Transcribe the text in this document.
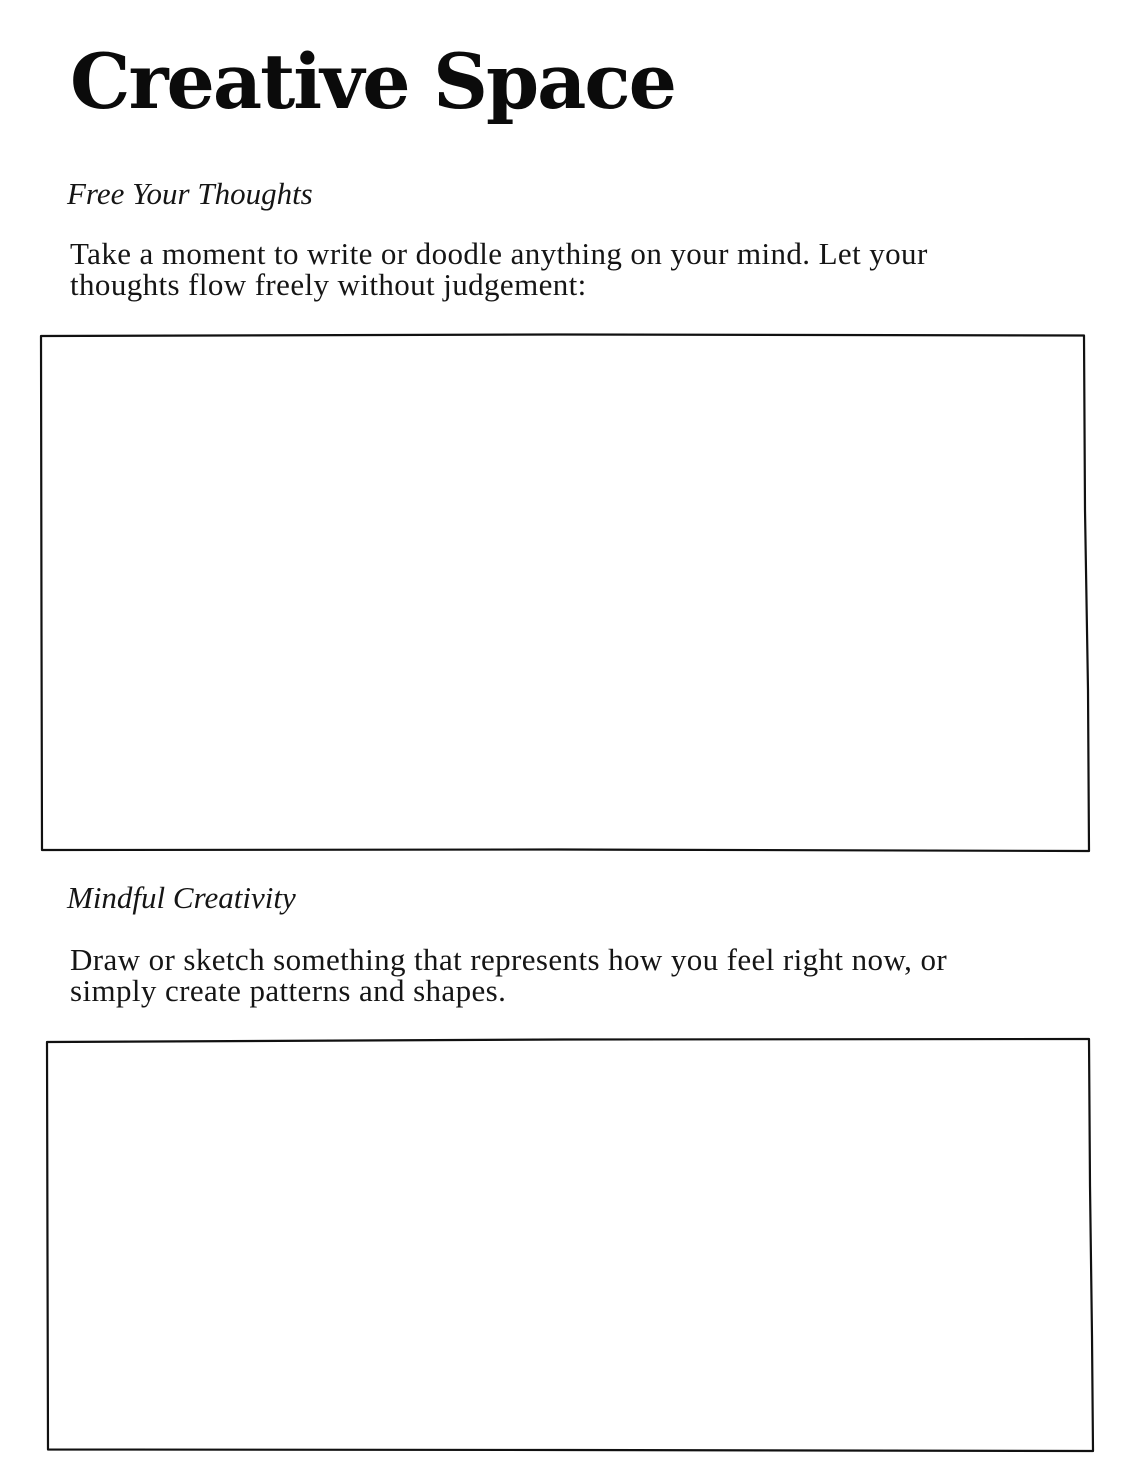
Creative Space
Free Your Thoughts

Take a moment to write or doodle anything on your mind. Let your thoughts flow freely without judgement:

Mindful Creativity

Draw or sketch something that represents how you feel right now, or simply create patterns and shapes.
